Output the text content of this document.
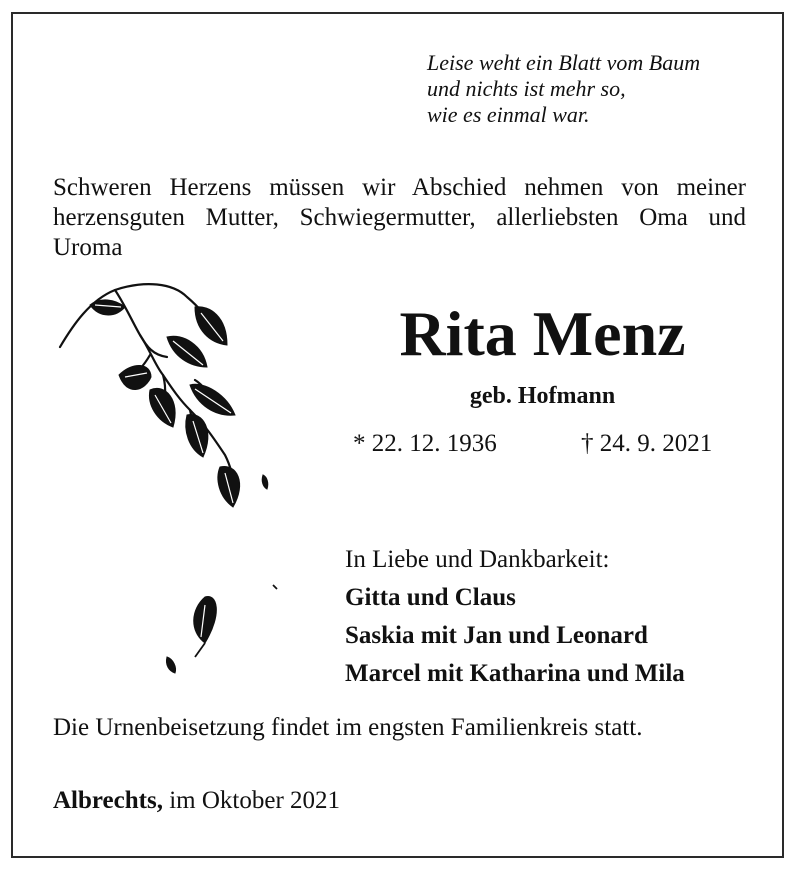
Leise weht ein Blatt vom Baum
und nichts ist mehr so,
wie es einmal war.
Schweren Herzens müssen wir Abschied nehmen von meiner herzensguten Mutter, Schwiegermutter, allerliebsten Oma und Uroma
Rita Menz
geb. Hofmann
* 22. 12. 1936	† 24. 9. 2021
In Liebe und Dankbarkeit:
Gitta und Claus
Saskia mit Jan und Leonard
Marcel mit Katharina und Mila
Die Urnenbeisetzung findet im engsten Familienkreis statt.
Albrechts, im Oktober 2021
